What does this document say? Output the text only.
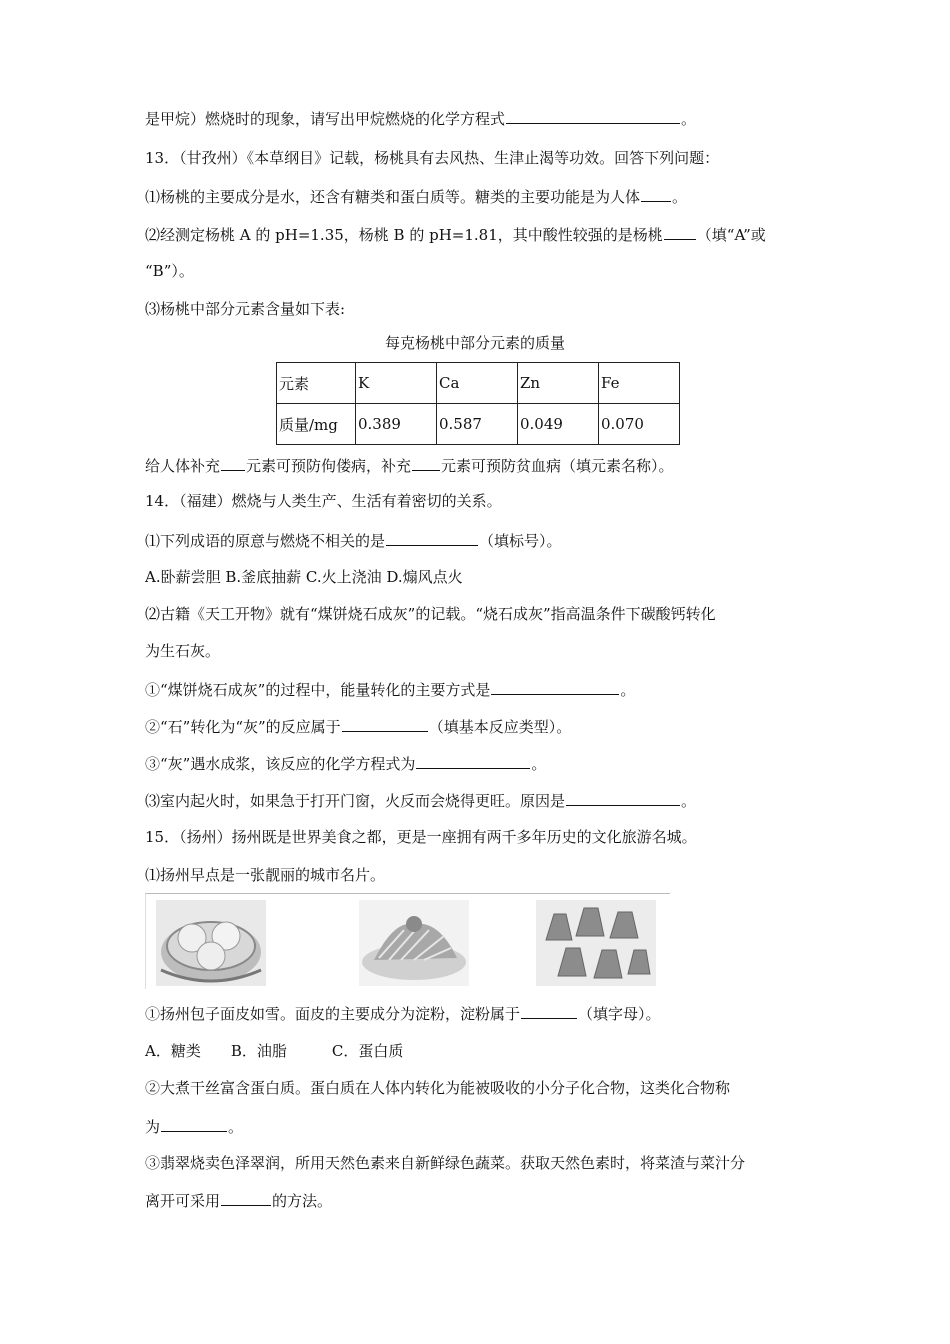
是甲烷）燃烧时的现象，请写出甲烷燃烧的化学方程式	。
13．（甘孜州）《本草纲目》记载，杨桃具有去风热、生津止渴等功效。回答下列问题：
⑴杨桃的主要成分是水，还含有糖类和蛋白质等。糖类的主要功能是为人体 。
⑵经测定杨桃 A 的 pH=1.35，杨桃 B 的 pH=1.81，其中酸性较强的是杨桃 （填“A”或
“B”）。
⑶杨桃中部分元素含量如下表:
每克杨桃中部分元素的质量
元素	K	Ca	Zn	Fe
质量/mg	0.389	0.587	0.049	0.070
给人体补充 元素可预防佝偻病，补充 元素可预防贫血病（填元素名称）。
14．（福建）燃烧与人类生产、生活有着密切的关系。
⑴下列成语的原意与燃烧不相关的是	（填标号）。
A.卧薪尝胆 B.釜底抽薪 C.火上浇油 D.煽风点火
⑵古籍《天工开物》就有“煤饼烧石成灰”的记载。“烧石成灰”指高温条件下碳酸钙转化
为生石灰。
①“煤饼烧石成灰”的过程中，能量转化的主要方式是	。
②“石”转化为“灰”的反应属于	（填基本反应类型）。
③“灰”遇水成浆，该反应的化学方程式为	。
⑶室内起火时，如果急于打开门窗，火反而会烧得更旺。原因是	。
15．（扬州）扬州既是世界美食之都，更是一座拥有两千多年历史的文化旅游名城。
⑴扬州早点是一张靓丽的城市名片。
①扬州包子面皮如雪。面皮的主要成分为淀粉，淀粉属于	（填字母）。
A．糖类　　B．油脂　　　C．蛋白质
②大煮干丝富含蛋白质。蛋白质在人体内转化为能被吸收的小分子化合物，这类化合物称
为	。
③翡翠烧卖色泽翠润，所用天然色素来自新鲜绿色蔬菜。获取天然色素时，将菜渣与菜汁分
离开可采用	的方法。
